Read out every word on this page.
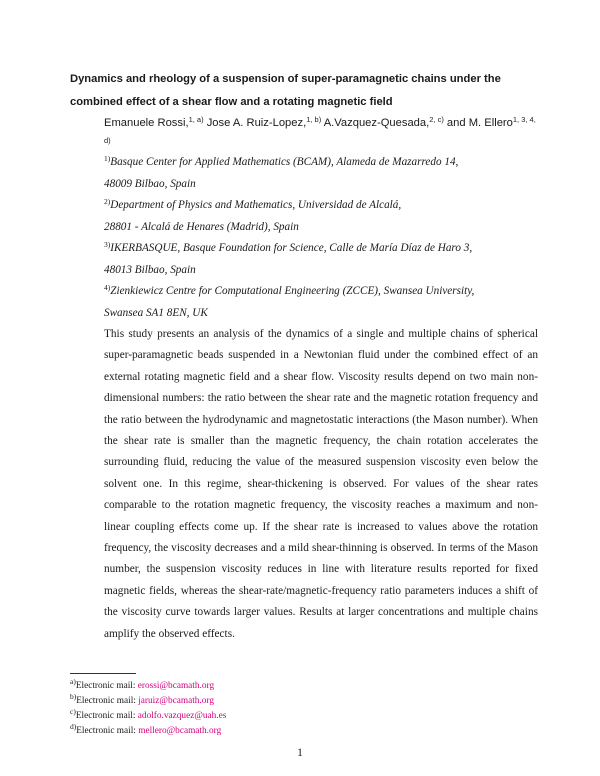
Dynamics and rheology of a suspension of super-paramagnetic chains under the combined effect of a shear flow and a rotating magnetic field
Emanuele Rossi,$^{1, a)}$ Jose A. Ruiz-Lopez,$^{1, b)}$ A.Vazquez-Quesada,$^{2, c)}$ and M. Ellero$^{1, 3, 4, d)}$
$^{1)}$Basque Center for Applied Mathematics (BCAM), Alameda de Mazarredo 14,
48009 Bilbao, Spain
$^{2)}$Department of Physics and Mathematics, Universidad de Alcalá,
28801 - Alcalá de Henares (Madrid), Spain
$^{3)}$IKERBASQUE, Basque Foundation for Science, Calle de María Díaz de Haro 3,
48013 Bilbao, Spain
$^{4)}$Zienkiewicz Centre for Computational Engineering (ZCCE), Swansea University,
Swansea SA1 8EN, UK
This study presents an analysis of the dynamics of a single and multiple chains of spherical super-paramagnetic beads suspended in a Newtonian fluid under the combined effect of an external rotating magnetic field and a shear flow. Viscosity results depend on two main non-dimensional numbers: the ratio between the shear rate and the magnetic rotation frequency and the ratio between the hydrodynamic and magnetostatic interactions (the Mason number). When the shear rate is smaller than the magnetic frequency, the chain rotation accelerates the surrounding fluid, reducing the value of the measured suspension viscosity even below the solvent one. In this regime, shear-thickening is observed. For values of the shear rates comparable to the rotation magnetic frequency, the viscosity reaches a maximum and non-linear coupling effects come up. If the shear rate is increased to values above the rotation frequency, the viscosity decreases and a mild shear-thinning is observed. In terms of the Mason number, the suspension viscosity reduces in line with literature results reported for fixed magnetic fields, whereas the shear-rate/magnetic-frequency ratio parameters induces a shift of the viscosity curve towards larger values. Results at larger concentrations and multiple chains amplify the observed effects.
$^{a)}$Electronic mail: erossi@bcamath.org
$^{b)}$Electronic mail: jaruiz@bcamath.org
$^{c)}$Electronic mail: adolfo.vazquez@uah.es
$^{d)}$Electronic mail: mellero@bcamath.org
1
